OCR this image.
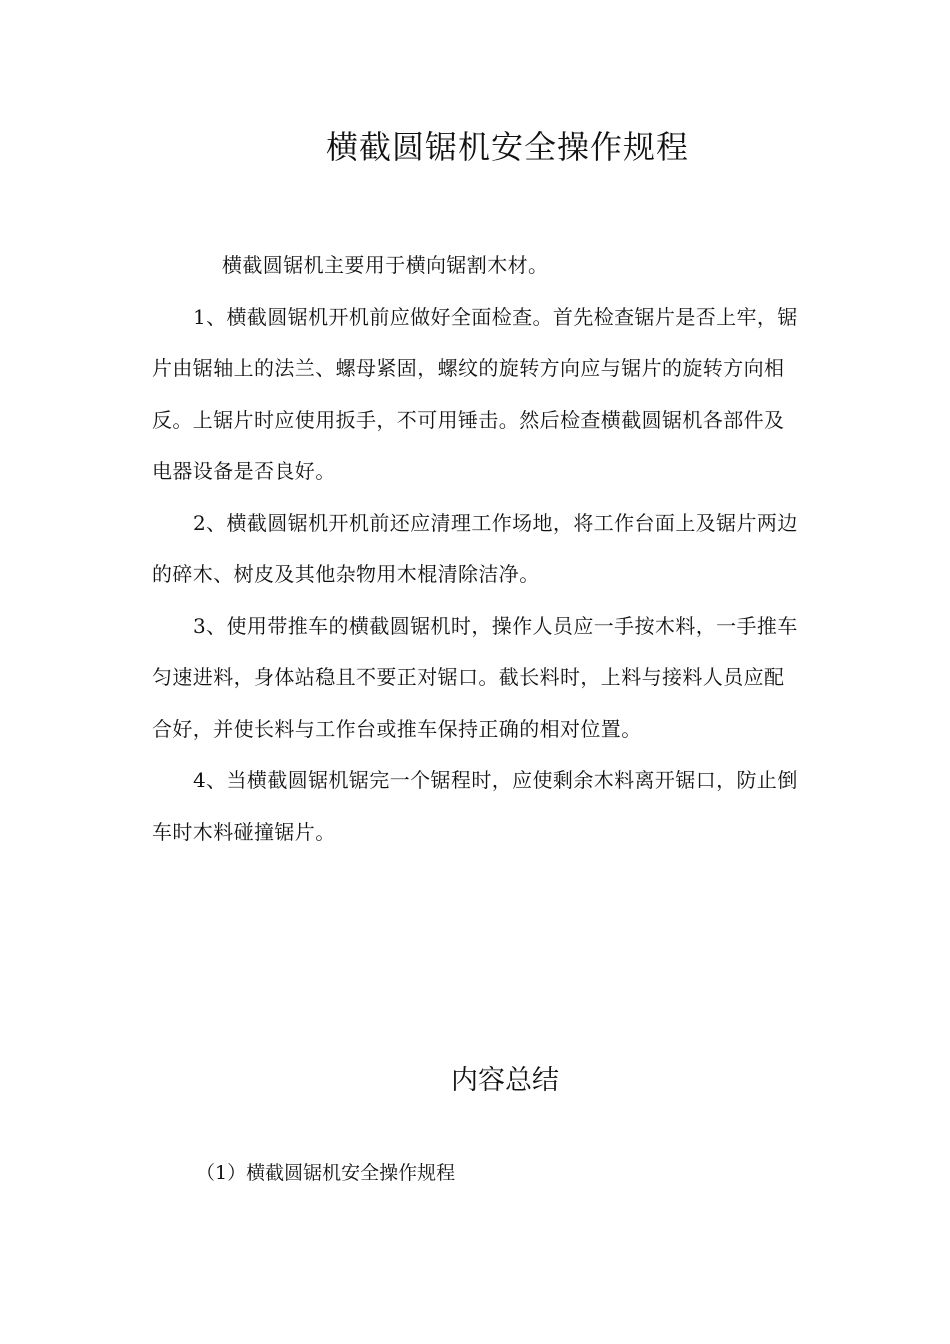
横截圆锯机安全操作规程

横截圆锯机主要用于横向锯割木材。

1、横截圆锯机开机前应做好全面检查。首先检查锯片是否上牢，锯片由锯轴上的法兰、螺母紧固，螺纹的旋转方向应与锯片的旋转方向相反。上锯片时应使用扳手，不可用锤击。然后检查横截圆锯机各部件及电器设备是否良好。

2、横截圆锯机开机前还应清理工作场地，将工作台面上及锯片两边的碎木、树皮及其他杂物用木棍清除洁净。

3、使用带推车的横截圆锯机时，操作人员应一手按木料，一手推车匀速进料，身体站稳且不要正对锯口。截长料时，上料与接料人员应配合好，并使长料与工作台或推车保持正确的相对位置。

4、当横截圆锯机锯完一个锯程时，应使剩余木料离开锯口，防止倒车时木料碰撞锯片。

内容总结

（1）横截圆锯机安全操作规程
